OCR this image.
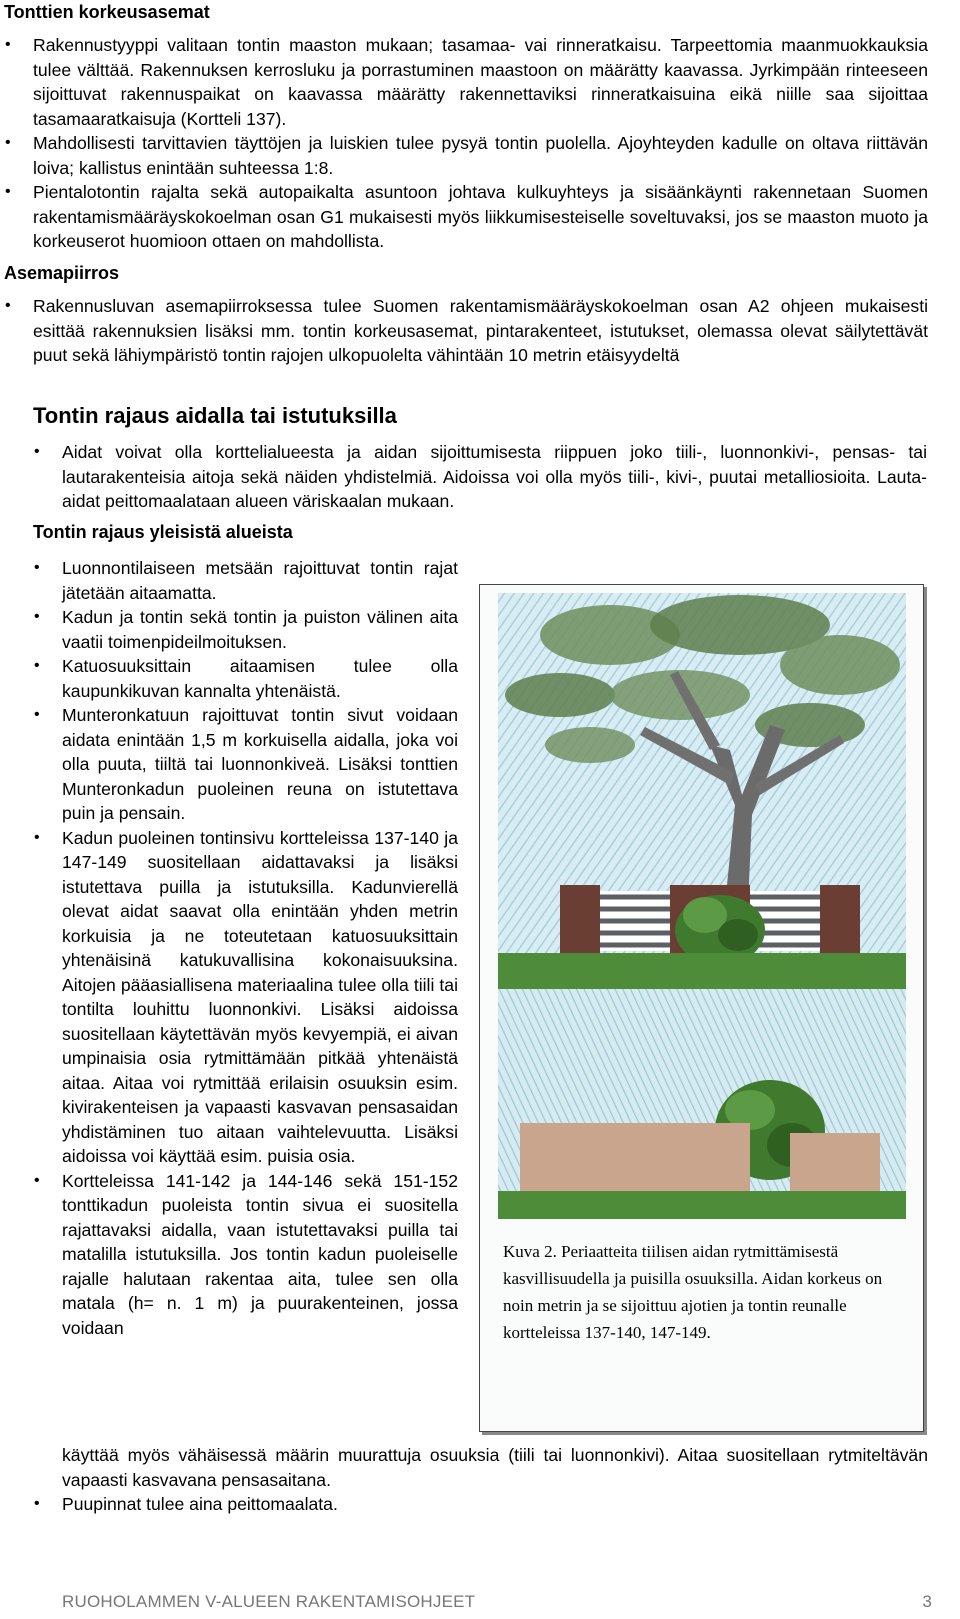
Tonttien korkeusasemat
• Rakennustyyppi valitaan tontin maaston mukaan; tasamaa- vai rinneratkaisu. Tarpeettomia maanmuokkauksia tulee välttää. Rakennuksen kerrosluku ja porrastuminen maastoon on määrätty kaavassa. Jyrkimpään rinteeseen sijoittuvat rakennuspaikat on kaavassa määrätty rakennettaviksi rinneratkaisuina eikä niille saa sijoittaa tasamaaratkaisuja (Kortteli 137).
• Mahdollisesti tarvittavien täyttöjen ja luiskien tulee pysyä tontin puolella. Ajoyhteyden kadulle on oltava riittävän loiva; kallistus enintään suhteessa 1:8.
• Pientalotontin rajalta sekä autopaikalta asuntoon johtava kulkuyhteys ja sisäänkäynti rakennetaan Suomen rakentamismääräyskokoelman osan G1 mukaisesti myös liikkumisesteiselle soveltuvaksi, jos se maaston muoto ja korkeuserot huomioon ottaen on mahdollista.
Asemapiirros
• Rakennusluvan asemapiirroksessa tulee Suomen rakentamismääräyskokoelman osan A2 ohjeen mukaisesti esittää rakennuksien lisäksi mm. tontin korkeusasemat, pintarakenteet, istutukset, olemassa olevat säilytettävät puut sekä lähiympäristö tontin rajojen ulkopuolelta vähintään 10 metrin etäisyydeltä
Tontin rajaus aidalla tai istutuksilla
• Aidat voivat olla korttelialueesta ja aidan sijoittumisesta riippuen joko tiili-, luonnonkivi-, pensas- tai lautarakenteisia aitoja sekä näiden yhdistelmiä. Aidoissa voi olla myös tiili-, kivi-, puutai metalliosioita. Lauta-aidat peittomaalataan alueen väriskaalan mukaan.
Tontin rajaus yleisistä alueista
• Luonnontilaiseen metsään rajoittuvat tontin rajat jätetään aitaamatta.
• Kadun ja tontin sekä tontin ja puiston välinen aita vaatii toimenpideilmoituksen.
• Katuosuuksittain aitaamisen tulee olla kaupunkikuvan kannalta yhtenäistä.
• Munteronkatuun rajoittuvat tontin sivut voidaan aidata enintään 1,5 m korkuisella aidalla, joka voi olla puuta, tiiltä tai luonnonkiveä. Lisäksi tonttien Munteronkadun puoleinen reuna on istutettava puin ja pensain.
• Kadun puoleinen tontinsivu kortteleissa 137-140 ja 147-149 suositellaan aidattavaksi ja lisäksi istutettava puilla ja istutuksilla. Kadunvierellä olevat aidat saavat olla enintään yhden metrin korkuisia ja ne toteutetaan katuosuuksittain yhtenäisinä katukuvallisina kokonaisuuksina. Aitojen pääasiallisena materiaalina tulee olla tiili tai tontilta louhittu luonnonkivi. Lisäksi aidoissa suositellaan käytettävän myös kevyempiä, ei aivan umpinaisia osia rytmittämään pitkää yhtenäistä aitaa. Aitaa voi rytmittää erilaisin osuuksin esim. kivirakenteisen ja vapaasti kasvavan pensasaidan yhdistäminen tuo aitaan vaihtelevuutta. Lisäksi aidoissa voi käyttää esim. puisia osia.
• Kortteleissa 141-142 ja 144-146 sekä 151-152 tonttikadun puoleista tontin sivua ei suositella rajattavaksi aidalla, vaan istutettavaksi puilla tai matalilla istutuksilla. Jos tontin kadun puoleiselle rajalle halutaan rakentaa aita, tulee sen olla matala (h= n. 1 m) ja puurakenteinen, jossa voidaan
käyttää myös vähäisessä määrin muurattuja osuuksia (tiili tai luonnonkivi). Aitaa suositellaan rytmiteltävän vapaasti kasvavana pensasaitana.
• Puupinnat tulee aina peittomaalata.
Kuva 2. Periaatteita tiilisen aidan rytmittämisestä kasvillisuudella ja puisilla osuuksilla. Aidan korkeus on noin metrin ja se sijoittuu ajotien ja tontin reunalle kortteleissa 137-140, 147-149.
RUOHOLAMMEN V-ALUEEN RAKENTAMISOHJEET	3
